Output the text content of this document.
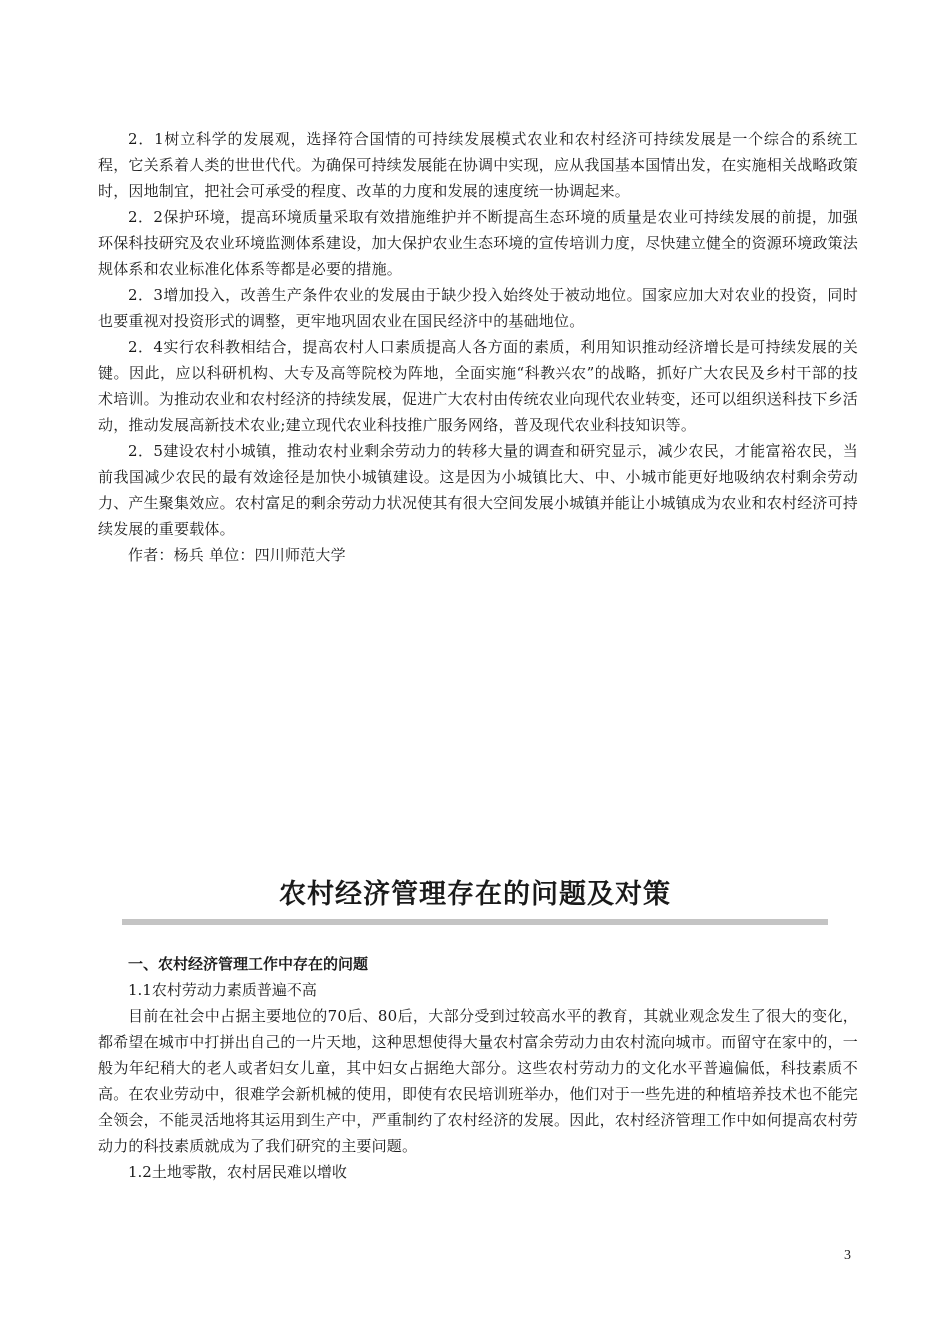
2．1树立科学的发展观，选择符合国情的可持续发展模式农业和农村经济可持续发展是一个综合的系统工程，它关系着人类的世世代代。为确保可持续发展能在协调中实现，应从我国基本国情出发，在实施相关战略政策时，因地制宜，把社会可承受的程度、改革的力度和发展的速度统一协调起来。

2．2保护环境，提高环境质量采取有效措施维护并不断提高生态环境的质量是农业可持续发展的前提，加强环保科技研究及农业环境监测体系建设，加大保护农业生态环境的宣传培训力度，尽快建立健全的资源环境政策法规体系和农业标准化体系等都是必要的措施。

2．3增加投入，改善生产条件农业的发展由于缺少投入始终处于被动地位。国家应加大对农业的投资，同时也要重视对投资形式的调整，更牢地巩固农业在国民经济中的基础地位。

2．4实行农科教相结合，提高农村人口素质提高人各方面的素质，利用知识推动经济增长是可持续发展的关键。因此，应以科研机构、大专及高等院校为阵地，全面实施“科教兴农”的战略，抓好广大农民及乡村干部的技术培训。为推动农业和农村经济的持续发展，促进广大农村由传统农业向现代农业转变，还可以组织送科技下乡活动，推动发展高新技术农业;建立现代农业科技推广服务网络，普及现代农业科技知识等。

2．5建设农村小城镇，推动农村业剩余劳动力的转移大量的调查和研究显示，减少农民，才能富裕农民，当前我国减少农民的最有效途径是加快小城镇建设。这是因为小城镇比大、中、小城市能更好地吸纳农村剩余劳动力、产生聚集效应。农村富足的剩余劳动力状况使其有很大空间发展小城镇并能让小城镇成为农业和农村经济可持续发展的重要载体。

作者：杨兵 单位：四川师范大学

农村经济管理存在的问题及对策

一、农村经济管理工作中存在的问题

1.1农村劳动力素质普遍不高

目前在社会中占据主要地位的70后、80后，大部分受到过较高水平的教育，其就业观念发生了很大的变化，都希望在城市中打拼出自己的一片天地，这种思想使得大量农村富余劳动力由农村流向城市。而留守在家中的，一般为年纪稍大的老人或者妇女儿童，其中妇女占据绝大部分。这些农村劳动力的文化水平普遍偏低，科技素质不高。在农业劳动中，很难学会新机械的使用，即使有农民培训班举办，他们对于一些先进的种植培养技术也不能完全领会，不能灵活地将其运用到生产中，严重制约了农村经济的发展。因此，农村经济管理工作中如何提高农村劳动力的科技素质就成为了我们研究的主要问题。

1.2土地零散，农村居民难以增收

3
